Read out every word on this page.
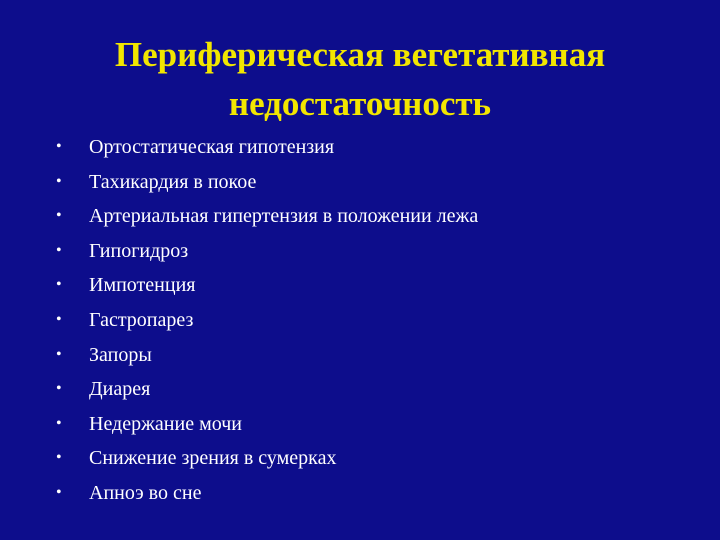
Периферическая вегетативная
недостаточность
•	Ортостатическая гипотензия
•	Тахикардия в покое
•	Артериальная гипертензия в положении лежа
•	Гипогидроз
•	Импотенция
•	Гастропарез
•	Запоры
•	Диарея
•	Недержание мочи
•	Снижение зрения в сумерках
•	Апноэ во сне
